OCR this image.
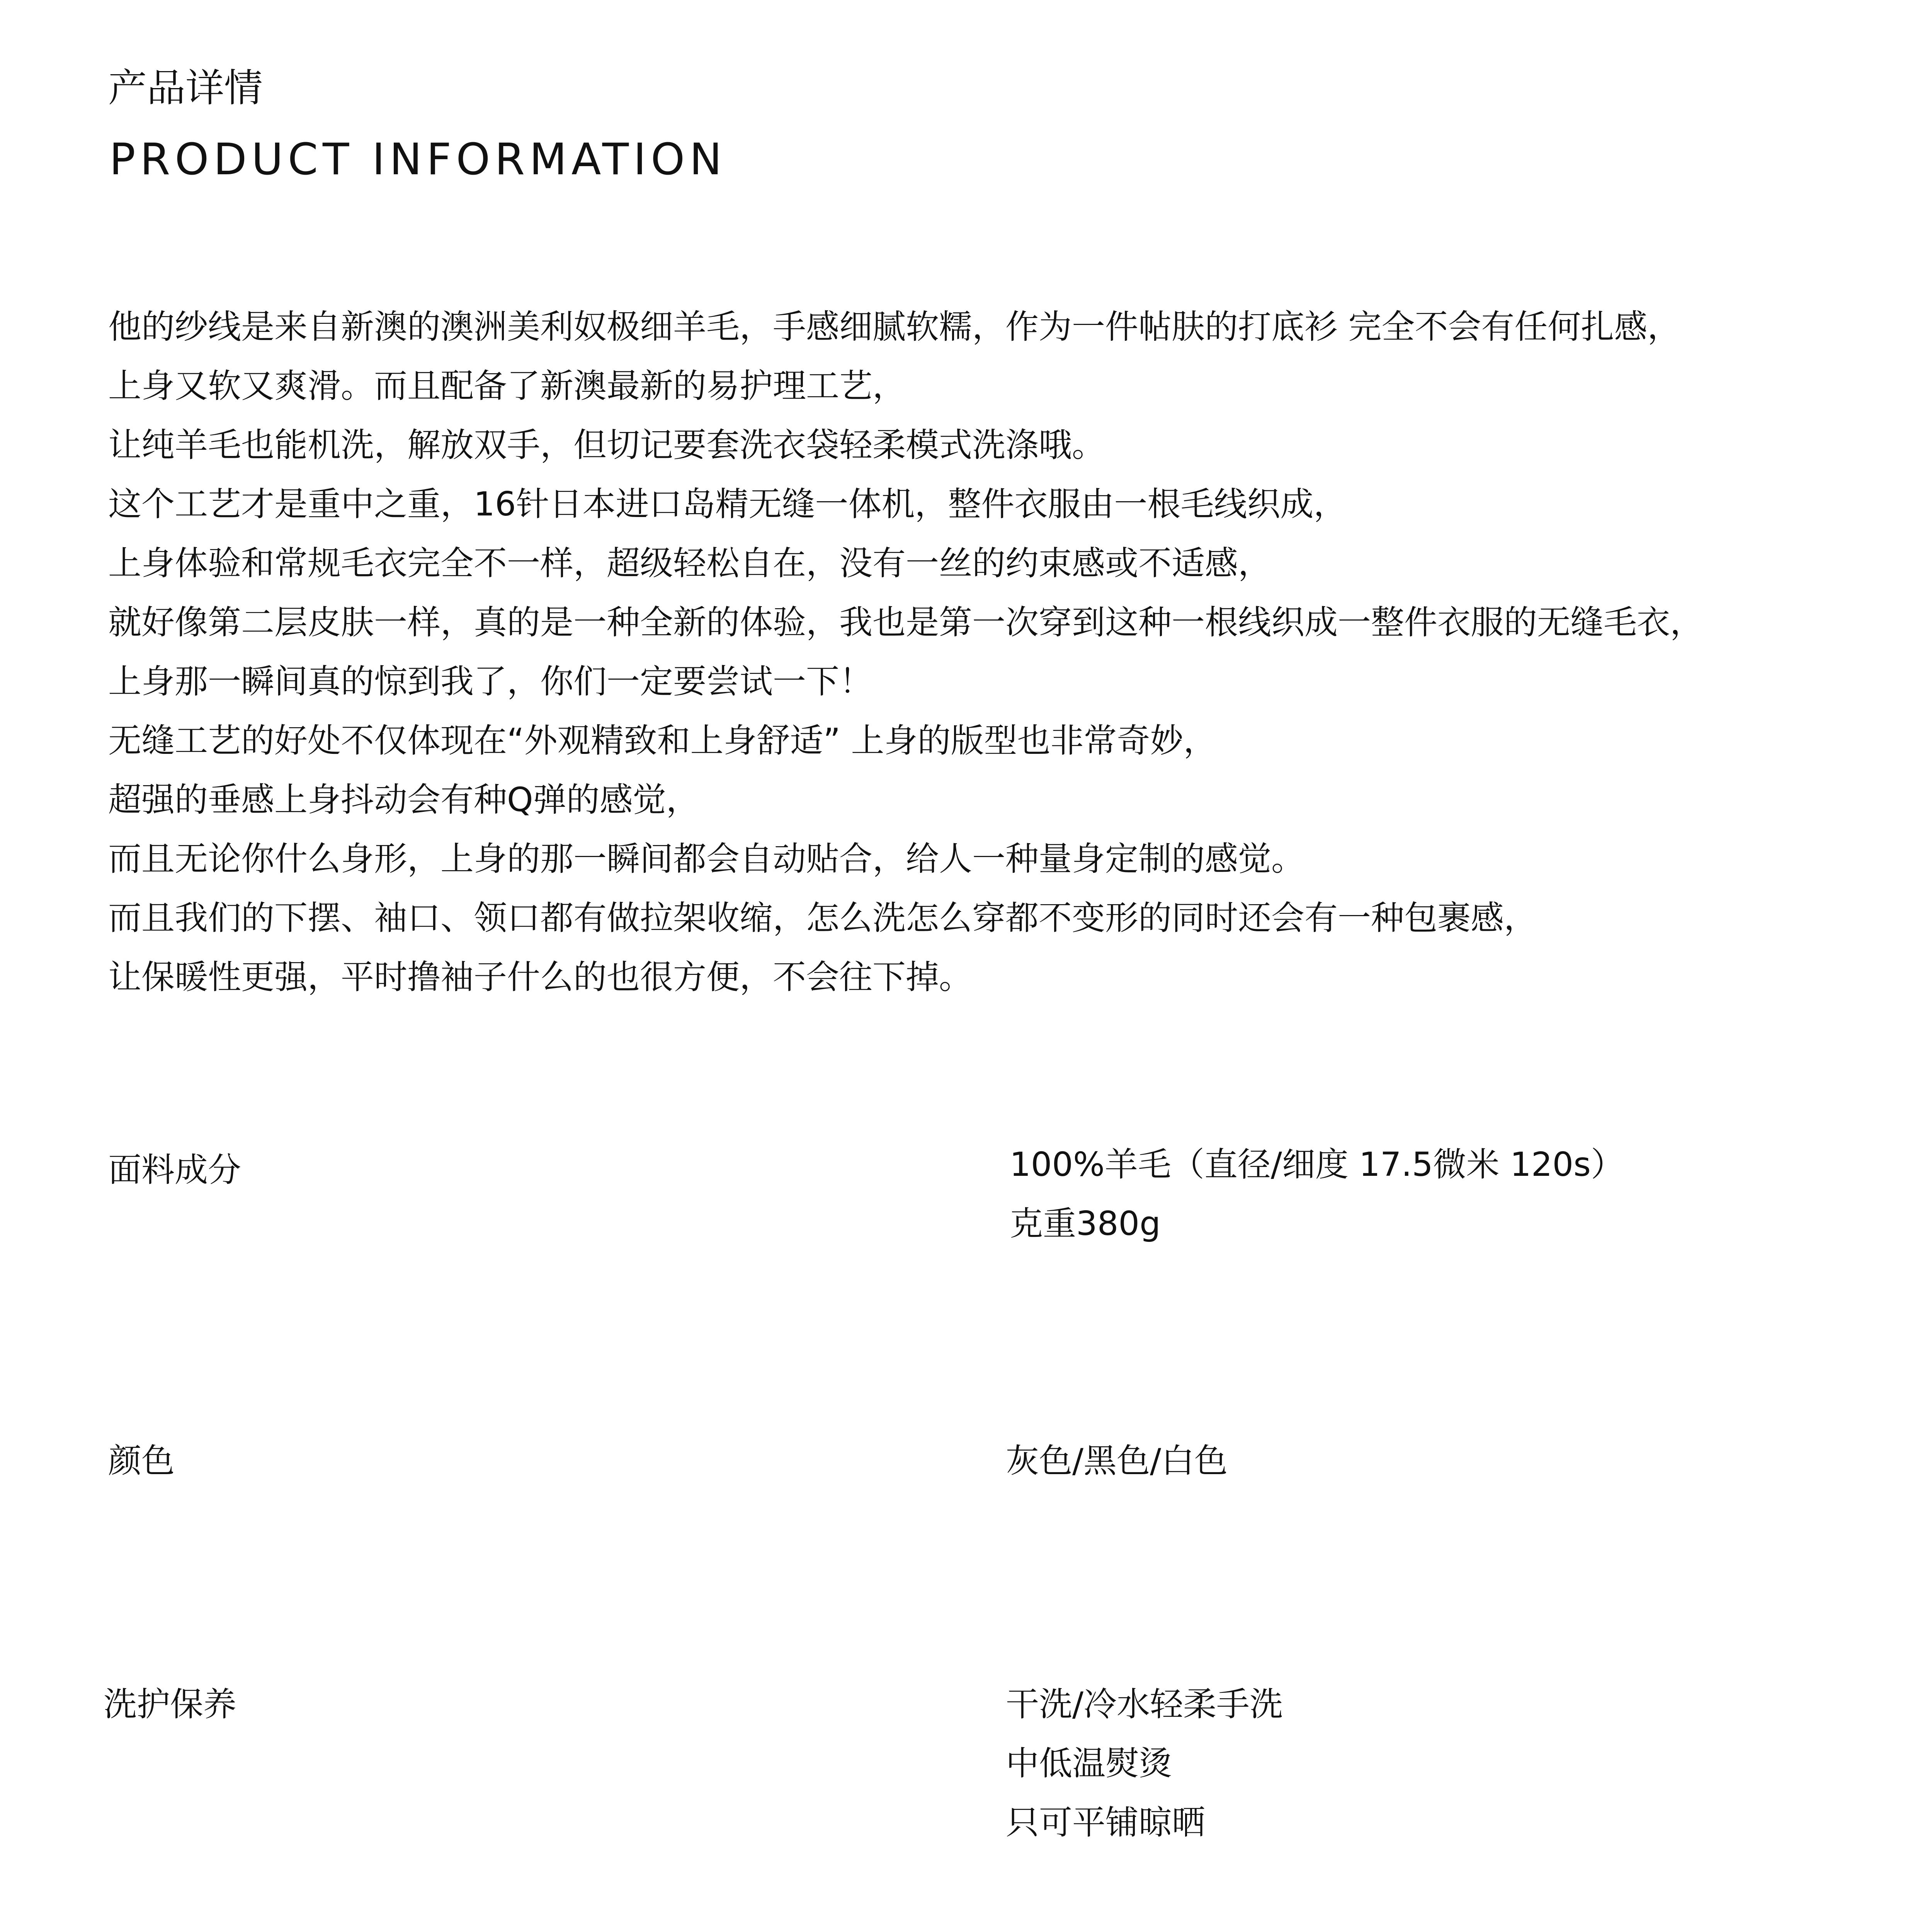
产品详情
PRODUCT INFORMATION
他的纱线是来自新澳的澳洲美利奴极细羊毛，手感细腻软糯，作为一件帖肤的打底衫 完全不会有任何扎感，
上身又软又爽滑。而且配备了新澳最新的易护理工艺，
让纯羊毛也能机洗，解放双手，但切记要套洗衣袋轻柔模式洗涤哦。
这个工艺才是重中之重，16针日本进口岛精无缝一体机，整件衣服由一根毛线织成，
上身体验和常规毛衣完全不一样，超级轻松自在，没有一丝的约束感或不适感，
就好像第二层皮肤一样，真的是一种全新的体验，我也是第一次穿到这种一根线织成一整件衣服的无缝毛衣，
上身那一瞬间真的惊到我了，你们一定要尝试一下！
无缝工艺的好处不仅体现在“外观精致和上身舒适” 上身的版型也非常奇妙，
超强的垂感上身抖动会有种Q弹的感觉，
而且无论你什么身形，上身的那一瞬间都会自动贴合，给人一种量身定制的感觉。
而且我们的下摆、袖口、领口都有做拉架收缩，怎么洗怎么穿都不变形的同时还会有一种包裹感，
让保暖性更强，平时撸袖子什么的也很方便，不会往下掉。
面料成分	100%羊毛（直径/细度 17.5微米 120s）
克重380g
颜色	灰色/黑色/白色
洗护保养	干洗/冷水轻柔手洗
中低温熨烫
只可平铺晾晒
